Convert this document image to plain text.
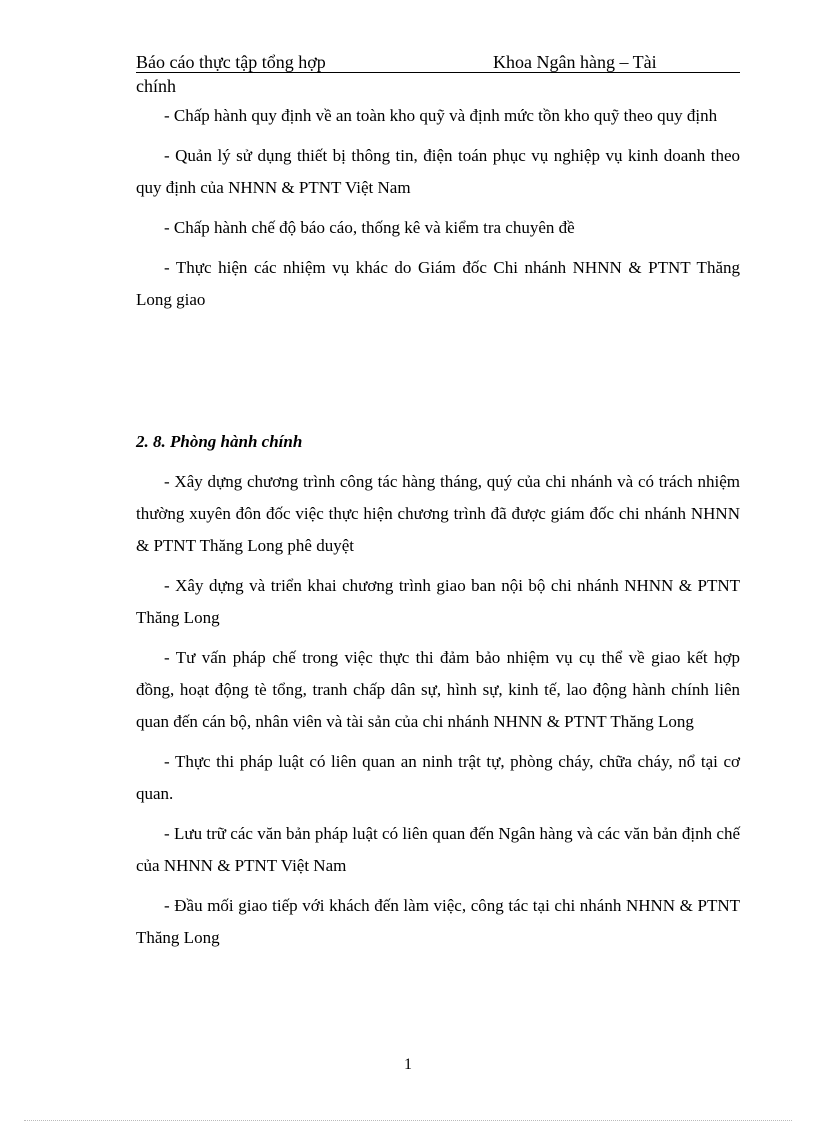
Báo cáo thực tập tổng hợp	Khoa Ngân hàng – Tài
chính

- Chấp hành quy định về an toàn kho quỹ và định mức tồn kho quỹ theo quy định

- Quản lý sử dụng thiết bị thông tin, điện toán phục vụ nghiệp vụ kinh doanh theo quy định của NHNN & PTNT Việt Nam

- Chấp hành chế độ báo cáo, thống kê và kiểm tra chuyên đề

- Thực hiện các nhiệm vụ khác do Giám đốc Chi nhánh NHNN & PTNT Thăng Long giao

2. 8. Phòng hành chính

- Xây dựng chương trình công tác hàng tháng, quý của chi nhánh và có trách nhiệm thường xuyên đôn đốc việc thực hiện chương trình đã được giám đốc chi nhánh NHNN & PTNT Thăng Long phê duyệt

- Xây dựng và triển khai chương trình giao ban nội bộ chi nhánh NHNN & PTNT Thăng Long

- Tư vấn pháp chế trong việc thực thi đảm bảo nhiệm vụ cụ thể về giao kết hợp đồng, hoạt động tè tổng, tranh chấp dân sự, hình sự, kinh tế, lao động hành chính liên quan đến cán bộ, nhân viên và tài sản của chi nhánh NHNN & PTNT Thăng Long

- Thực thi pháp luật có liên quan an ninh trật tự, phòng cháy, chữa cháy, nổ tại cơ quan.

- Lưu trữ các văn bản pháp luật có liên quan đến Ngân hàng và các văn bản định chế của NHNN & PTNT Việt Nam

- Đầu mối giao tiếp với khách đến làm việc, công tác tại chi nhánh NHNN & PTNT Thăng Long

1
